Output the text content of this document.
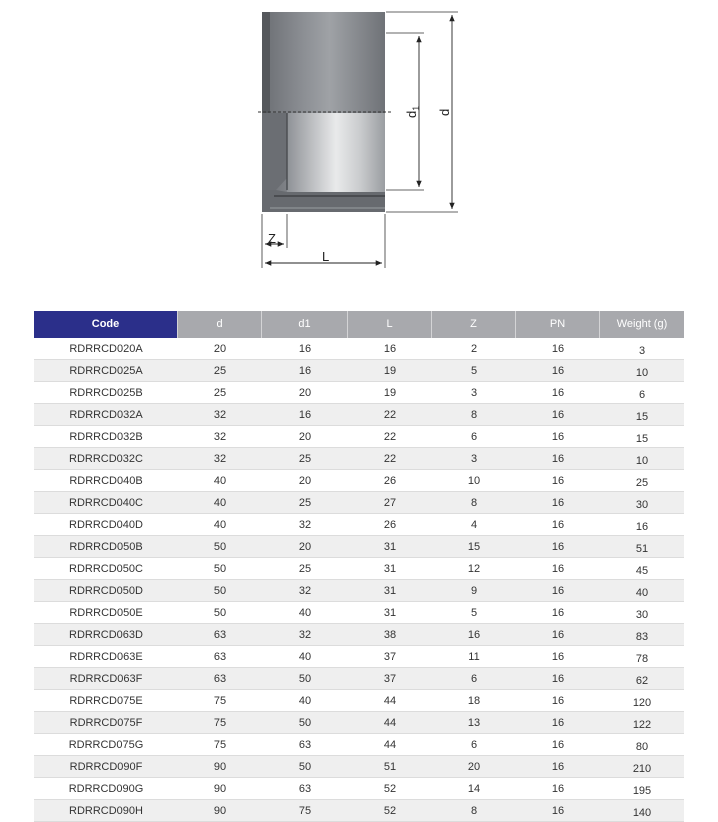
Z
L
$d_1$
d
Code	d	d1	L	Z	PN	Weight (g)
RDRRCD020A	20	16	16	2	16	3
RDRRCD025A	25	16	19	5	16	10
RDRRCD025B	25	20	19	3	16	6
RDRRCD032A	32	16	22	8	16	15
RDRRCD032B	32	20	22	6	16	15
RDRRCD032C	32	25	22	3	16	10
RDRRCD040B	40	20	26	10	16	25
RDRRCD040C	40	25	27	8	16	30
RDRRCD040D	40	32	26	4	16	16
RDRRCD050B	50	20	31	15	16	51
RDRRCD050C	50	25	31	12	16	45
RDRRCD050D	50	32	31	9	16	40
RDRRCD050E	50	40	31	5	16	30
RDRRCD063D	63	32	38	16	16	83
RDRRCD063E	63	40	37	11	16	78
RDRRCD063F	63	50	37	6	16	62
RDRRCD075E	75	40	44	18	16	120
RDRRCD075F	75	50	44	13	16	122
RDRRCD075G	75	63	44	6	16	80
RDRRCD090F	90	50	51	20	16	210
RDRRCD090G	90	63	52	14	16	195
RDRRCD090H	90	75	52	8	16	140
